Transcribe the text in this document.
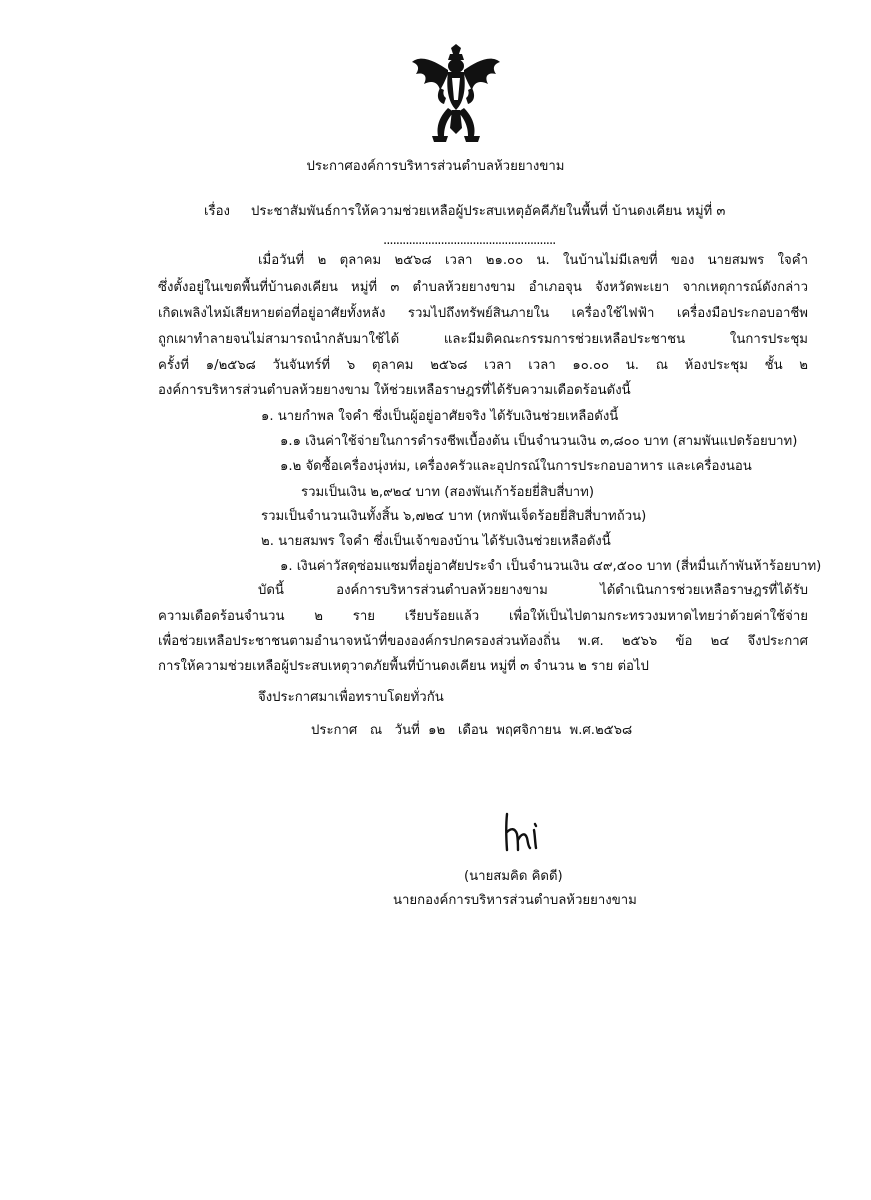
ประกาศองค์การบริหารส่วนตำบลห้วยยางขาม
เรื่อง ประชาสัมพันธ์การให้ความช่วยเหลือผู้ประสบเหตุอัคคีภัยในพื้นที่ บ้านดงเคียน หมู่ที่ ๓
......................................................
เมื่อวันที่ ๒ ตุลาคม ๒๕๖๘ เวลา ๒๑.๐๐ น. ในบ้านไม่มีเลขที่ ของ นายสมพร ใจคำ
ซึ่งตั้งอยู่ในเขตพื้นที่บ้านดงเคียน หมู่ที่ ๓ ตำบลห้วยยางขาม อำเภอจุน จังหวัดพะเยา จากเหตุการณ์ดังกล่าว
เกิดเพลิงไหม้เสียหายต่อที่อยู่อาศัยทั้งหลัง รวมไปถึงทรัพย์สินภายใน เครื่องใช้ไฟฟ้า เครื่องมือประกอบอาชีพ
ถูกเผาทำลายจนไม่สามารถนำกลับมาใช้ได้ และมีมติคณะกรรมการช่วยเหลือประชาชน ในการประชุม
ครั้งที่ ๑/๒๕๖๘ วันจันทร์ที่ ๖ ตุลาคม ๒๕๖๘ เวลา เวลา ๑๐.๐๐ น. ณ ห้องประชุม ชั้น ๒
องค์การบริหารส่วนตำบลห้วยยางขาม ให้ช่วยเหลือราษฎรที่ได้รับความเดือดร้อนดังนี้
๑. นายกำพล ใจคำ ซึ่งเป็นผู้อยู่อาศัยจริง ได้รับเงินช่วยเหลือดังนี้
๑.๑ เงินค่าใช้จ่ายในการดำรงชีพเบื้องต้น เป็นจำนวนเงิน ๓,๘๐๐ บาท (สามพันแปดร้อยบาท)
๑.๒ จัดซื้อเครื่องนุ่งห่ม, เครื่องครัวและอุปกรณ์ในการประกอบอาหาร และเครื่องนอน
รวมเป็นเงิน ๒,๙๒๔ บาท (สองพันเก้าร้อยยี่สิบสี่บาท)
รวมเป็นจำนวนเงินทั้งสิ้น ๖,๗๒๔ บาท (หกพันเจ็ดร้อยยี่สิบสี่บาทถ้วน)
๒. นายสมพร ใจคำ ซึ่งเป็นเจ้าของบ้าน ได้รับเงินช่วยเหลือดังนี้
๑. เงินค่าวัสดุซ่อมแซมที่อยู่อาศัยประจำ เป็นจำนวนเงิน ๔๙,๕๐๐ บาท (สี่หมื่นเก้าพันห้าร้อยบาท)
บัดนี้ องค์การบริหารส่วนตำบลห้วยยางขาม ได้ดำเนินการช่วยเหลือราษฎรที่ได้รับ
ความเดือดร้อนจำนวน ๒ ราย เรียบร้อยแล้ว เพื่อให้เป็นไปตามกระทรวงมหาดไทยว่าด้วยค่าใช้จ่าย
เพื่อช่วยเหลือประชาชนตามอำนาจหน้าที่ขององค์กรปกครองส่วนท้องถิ่น พ.ศ. ๒๕๖๖ ข้อ ๒๔ จึงประกาศ
การให้ความช่วยเหลือผู้ประสบเหตุวาตภัยพื้นที่บ้านดงเคียน หมู่ที่ ๓ จำนวน ๒ ราย ต่อไป
จึงประกาศมาเพื่อทราบโดยทั่วกัน
ประกาศ   ณ   วันที่  ๑๒   เดือน  พฤศจิกายน  พ.ศ.๒๕๖๘
(นายสมคิด คิดดี)
นายกองค์การบริหารส่วนตำบลห้วยยางขาม
